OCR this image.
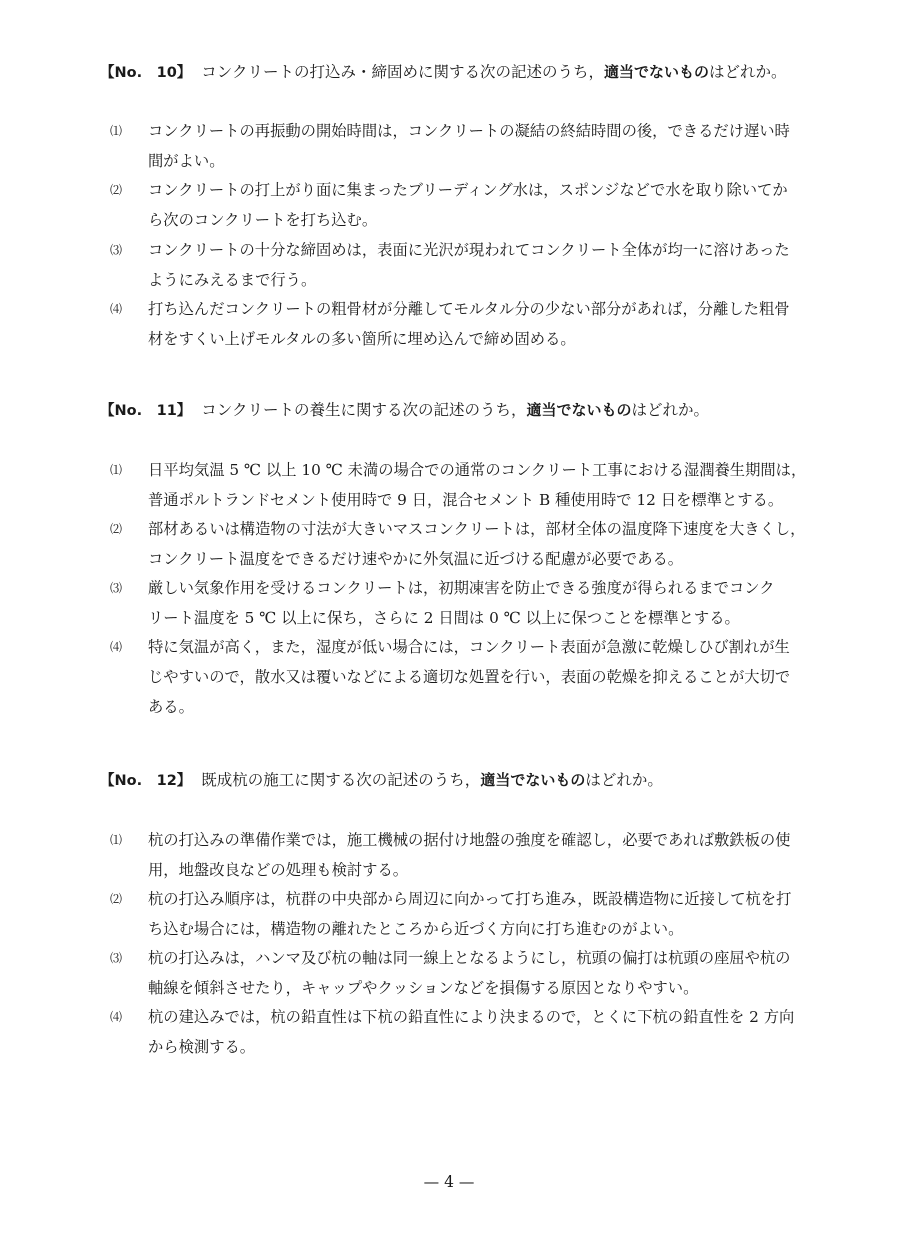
【No.　10】 コンクリートの打込み・締固めに関する次の記述のうち，適当でないものはどれか。
⑴ コンクリートの再振動の開始時間は，コンクリートの凝結の終結時間の後，できるだけ遅い時
間がよい。
⑵ コンクリートの打上がり面に集まったブリーディング水は，スポンジなどで水を取り除いてか
ら次のコンクリートを打ち込む。
⑶ コンクリートの十分な締固めは，表面に光沢が現われてコンクリート全体が均一に溶けあった
ようにみえるまで行う。
⑷ 打ち込んだコンクリートの粗骨材が分離してモルタル分の少ない部分があれば，分離した粗骨
材をすくい上げモルタルの多い箇所に埋め込んで締め固める。
【No.　11】 コンクリートの養生に関する次の記述のうち，適当でないものはどれか。
⑴ 日平均気温 5 ℃ 以上 10 ℃ 未満の場合での通常のコンクリート工事における湿潤養生期間は，
普通ポルトランドセメント使用時で 9 日，混合セメント B 種使用時で 12 日を標準とする。
⑵ 部材あるいは構造物の寸法が大きいマスコンクリートは，部材全体の温度降下速度を大きくし，
コンクリート温度をできるだけ速やかに外気温に近づける配慮が必要である。
⑶ 厳しい気象作用を受けるコンクリートは，初期凍害を防止できる強度が得られるまでコンク
リート温度を 5 ℃ 以上に保ち，さらに 2 日間は 0 ℃ 以上に保つことを標準とする。
⑷ 特に気温が高く，また，湿度が低い場合には，コンクリート表面が急激に乾燥しひび割れが生
じやすいので，散水又は覆いなどによる適切な処置を行い，表面の乾燥を抑えることが大切で
ある。
【No.　12】 既成杭の施工に関する次の記述のうち，適当でないものはどれか。
⑴ 杭の打込みの準備作業では，施工機械の据付け地盤の強度を確認し，必要であれば敷鉄板の使
用，地盤改良などの処理も検討する。
⑵ 杭の打込み順序は，杭群の中央部から周辺に向かって打ち進み，既設構造物に近接して杭を打
ち込む場合には，構造物の離れたところから近づく方向に打ち進むのがよい。
⑶ 杭の打込みは，ハンマ及び杭の軸は同一線上となるようにし，杭頭の偏打は杭頭の座屈や杭の
軸線を傾斜させたり，キャップやクッションなどを損傷する原因となりやすい。
⑷ 杭の建込みでは，杭の鉛直性は下杭の鉛直性により決まるので，とくに下杭の鉛直性を 2 方向
から検測する。
— 4 —
